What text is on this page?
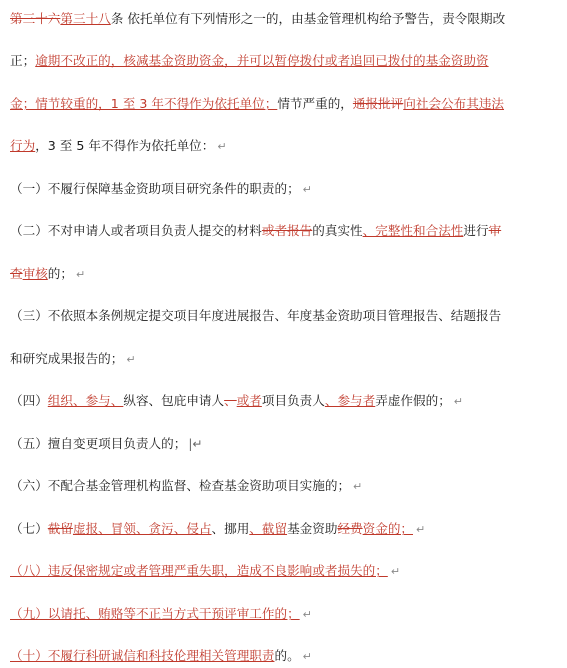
第三十六第三十八条 依托单位有下列情形之一的，由基金管理机构给予警告，责令限期改
正；逾期不改正的，核减基金资助资金，并可以暂停拨付或者追回已拨付的基金资助资
金；情节较重的，1 至 3 年不得作为依托单位；情节严重的，通报批评向社会公布其违法
行为，3 至 5 年不得作为依托单位： ↵
（一）不履行保障基金资助项目研究条件的职责的； ↵
（二）不对申请人或者项目负责人提交的材料或者报告的真实性、完整性和合法性进行审
查审核的； ↵
（三）不依照本条例规定提交项目年度进展报告、年度基金资助项目管理报告、结题报告
和研究成果报告的； ↵
（四）组织、参与、纵容、包庇申请人、或者项目负责人、参与者弄虚作假的； ↵
（五）擅自变更项目负责人的； |↵
（六）不配合基金管理机构监督、检查基金资助项目实施的； ↵
（七）截留虚报、冒领、贪污、侵占、挪用、截留基金资助经费资金的； ↵
（八）违反保密规定或者管理严重失职，造成不良影响或者损失的； ↵
（九）以请托、贿赂等不正当方式干预评审工作的； ↵
（十）不履行科研诚信和科技伦理相关管理职责的。 ↵
